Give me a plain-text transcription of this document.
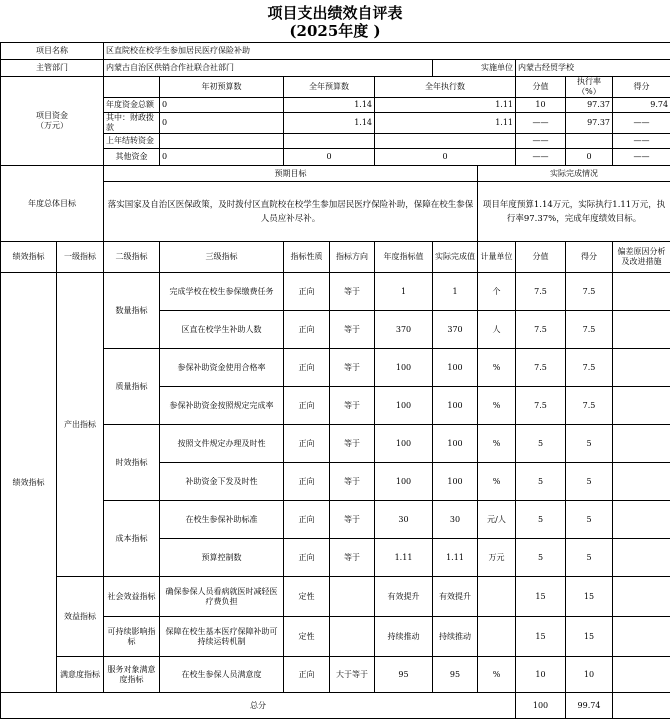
项目支出绩效自评表
(2025年度 )
项目名称		区直院校在校学生参加居民医疗保险补助									
主管部门		内蒙古自治区供销合作社联合社部门					实施单位		内蒙古经贸学校		
项目资金
（万元）			年初预算数	全年预算数		全年执行数			分值	执行率（%）	得分
		年度资金总额	0	1.14		1.11			10	97.37	9.74
		其中：财政拨款	0	1.14		1.11			——	97.37	——
		上年结转资金							——		——
		其他资金	0	0		0			——	0	——
年度总体目标		预期目标						实际完成情况			
		落实国家及自治区医保政策，及时拨付区直院校在校学生参加居民医疗保险补助，保障在校生参保人员应补尽补。						项目年度预算1.14万元，实际执行1.11万元，执行率97.37%，完成年度绩效目标。			
绩效指标	一级指标	二级指标	三级指标	指标性质	指标方向	年度指标值	实际完成值	计量单位	分值	得分	偏差原因分析及改进措施
绩效指标	产出指标	数量指标	完成学校在校生参保缴费任务	正向	等于	1	1	个	7.5	7.5	
			区直在校学生补助人数	正向	等于	370	370	人	7.5	7.5	
		质量指标	参保补助资金使用合格率	正向	等于	100	100	%	7.5	7.5	
			参保补助资金按照规定完成率	正向	等于	100	100	%	7.5	7.5	
		时效指标	按照文件规定办理及时性	正向	等于	100	100	%	5	5	
			补助资金下发及时性	正向	等于	100	100	%	5	5	
		成本指标	在校生参保补助标准	正向	等于	30	30	元/人	5	5	
			预算控制数	正向	等于	1.11	1.11	万元	5	5	
	效益指标	社会效益指标	确保参保人员看病就医时减轻医疗费负担	定性		有效提升	有效提升		15	15	
		可持续影响指标	保障在校生基本医疗保障补助可持续运转机制	定性		持续推动	持续推动		15	15	
	满意度指标	服务对象满意度指标	在校生参保人员满意度	正向	大于等于	95	95	%	10	10	
总分									100	99.74	
